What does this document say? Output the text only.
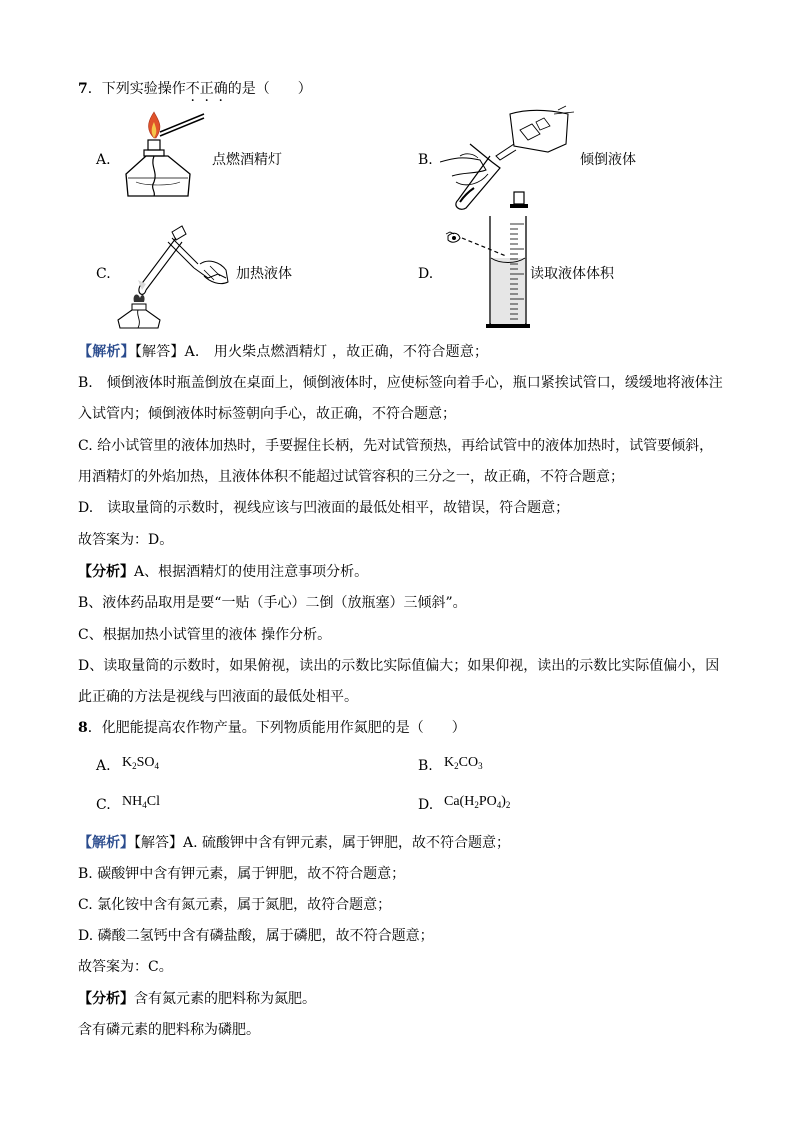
7．下列实验操作不正确的是（　　）
A.	点燃酒精灯	B.	倾倒液体
C.	加热液体	D.	读取液体体积
【解析】【解答】A.　用火柴点燃酒精灯 ，故正确，不符合题意；
B.　倾倒液体时瓶盖倒放在桌面上，倾倒液体时，应使标签向着手心，瓶口紧挨试管口，缓缓地将液体注
入试管内；倾倒液体时标签朝向手心，故正确，不符合题意；
C. 给小试管里的液体加热时，手要握住长柄，先对试管预热，再给试管中的液体加热时，试管要倾斜，
用酒精灯的外焰加热，且液体体积不能超过试管容积的三分之一，故正确，不符合题意；
D.　读取量筒的示数时，视线应该与凹液面的最低处相平，故错误，符合题意；
故答案为：D。
【分析】A、根据酒精灯的使用注意事项分析。
B、液体药品取用是要“一贴（手心）二倒（放瓶塞）三倾斜”。
C、根据加热小试管里的液体 操作分析。
D、读取量筒的示数时，如果俯视，读出的示数比实际值偏大；如果仰视，读出的示数比实际值偏小，因
此正确的方法是视线与凹液面的最低处相平。
8．化肥能提高农作物产量。下列物质能用作氮肥的是（　　）
A. $K_2SO_4$	B. $K_2CO_3$
C. $NH_4Cl$	D. $Ca(H_2PO_4)_2$
【解析】【解答】A. 硫酸钾中含有钾元素，属于钾肥，故不符合题意；
B. 碳酸钾中含有钾元素，属于钾肥，故不符合题意；
C. 氯化铵中含有氮元素，属于氮肥，故符合题意；
D. 磷酸二氢钙中含有磷盐酸，属于磷肥，故不符合题意；
故答案为：C。
【分析】含有氮元素的肥料称为氮肥。
含有磷元素的肥料称为磷肥。
